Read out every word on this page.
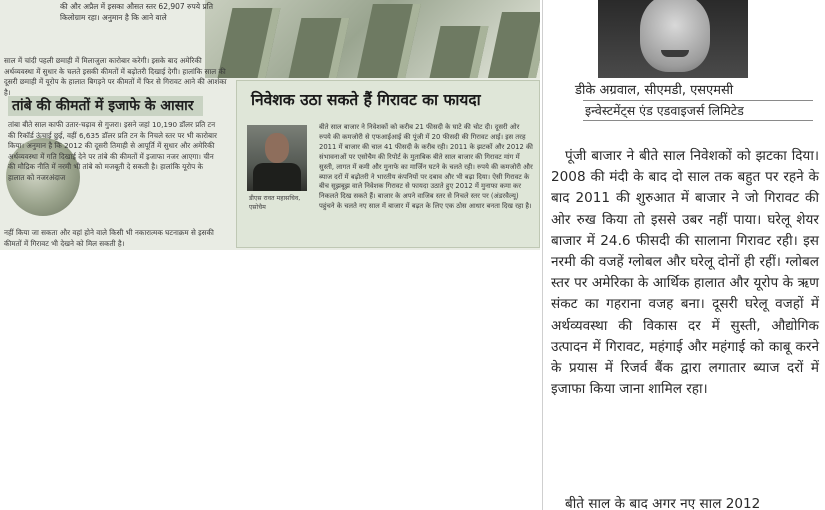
की और अप्रैल में इसका औसत स्तर 62,907 रुपये प्रति किलोग्राम रहा। अनुमान है कि आने वाले
साल में चांदी पहली छमाही में मिलाजुला कारोबार करेगी। इसके बाद अमेरिकी अर्थव्यवस्था में सुधार के चलते इसकी कीमतों में बढ़ोतरी दिखाई देगी। हालांकि साल की दूसरी छमाही में यूरोप के हालात बिगड़ने पर कीमतों में फिर से गिरावट आने की आशंका है।
तांबे की कीमतों में इजाफे के आसार
तांबा बीते साल काफी उतार-चढ़ाव से गुजरा। इसने जहां 10,190 डॉलर प्रति टन की रिकॉर्ड ऊंचाई छुई, वहीं 6,635 डॉलर प्रति टन के निचले स्तर पर भी कारोबार किया। अनुमान है कि 2012 की दूसरी तिमाही से आपूर्ति में सुधार और अमेरिकी अर्थव्यवस्था में गति दिखाई देने पर तांबे की कीमतों में इजाफा नजर आएगा। चीन की मौद्रिक नीति में नरमी भी तांबे को मजबूती दे सकती है। हालांकि यूरोप के हालात को नजरअंदाज
नहीं किया जा सकता और वहां होने वाले किसी भी नकारात्मक घटनाक्रम से इसकी कीमतों में गिरावट भी देखने को मिल सकती है।
निवेशक उठा सकते हैं गिरावट का फायदा
डीएस रावत महासचिव, एसोचैम
बीते साल बाजार ने निवेशकों को करीब 21 फीसदी के घाटे की चोट दी। दूसरी ओर रुपये की कमजोरी से एफआईआई की पूंजी में 20 फीसदी की गिरावट आई। इस तरह 2011 में बाजार की चाल 41 फीसदी के करीब रही। 2011 के झटकों और 2012 की संभावनाओं पर एसोचैम की रिपोर्ट के मुताबिक बीते साल बाजार की गिरावट मांग में सुस्ती, लागत में कमी और मुनाफे का मार्जिन घटने के चलते रही। रुपये की कमजोरी और ब्याज दरों में बढ़ोतरी ने भारतीय कंपनियों पर दबाव और भी बढ़ा दिया। ऐसी गिरावट के बीच सूझबूझ वाले निवेशक गिरावट से फायदा उठाते हुए 2012 में मुनाफा कमा कर निकलते दिख सकते हैं। बाजार के अपने वाजिब स्तर से निचले स्तर पर (अंडरवैल्यू) पहुंचने के चलते नए साल में बाजार में बढ़त के लिए एक ठोस आधार बनता दिख रहा है।
डीके अग्रवाल, सीएमडी, एसएमसी
इन्वेस्टमेंट्स एंड एडवाइजर्स लिमिटेड
पूंजी बाजार ने बीते साल निवेशकों को झटका दिया। 2008 की मंदी के बाद दो साल तक बहुत पर रहने के बाद 2011 की शुरुआत में बाजार ने जो गिरावट की ओर रुख किया तो इससे उबर नहीं पाया। घरेलू शेयर बाजार में 24.6 फीसदी की सालाना गिरावट रही। इस नरमी की वजहें ग्लोबल और घरेलू दोनों ही रहीं। ग्लोबल स्तर पर अमेरिका के आर्थिक हालात और यूरोप के ऋण संकट का गहराना वजह बना। दूसरी घरेलू वजहों में अर्थव्यवस्था की विकास दर में सुस्ती, औद्योगिक उत्पादन में गिरावट, महंगाई और महंगाई को काबू करने के प्रयास में रिजर्व बैंक द्वारा लगातार ब्याज दरों में इजाफा किया जाना शामिल रहा।
बीते साल के बाद अगर नए साल 2012
